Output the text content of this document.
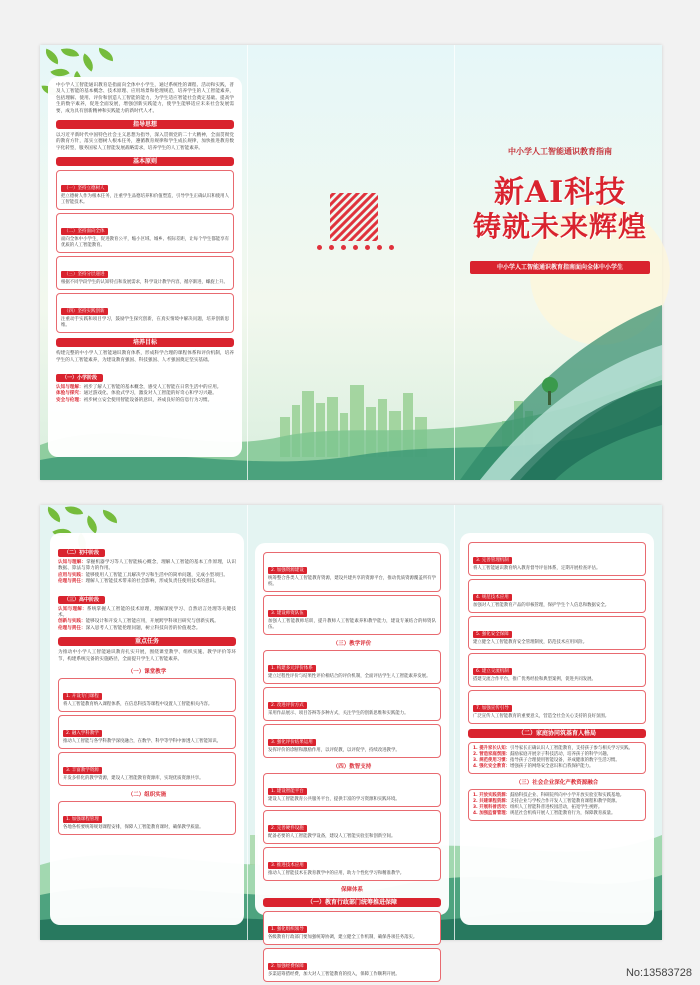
中小学人工智能通识教育是指面向全体中小学生，通过系统性的课程、活动和实践，普及人工智能的基本概念、技术原理、应用场景和伦理规范，培养学生的人工智能素养，包括理解、使用、评价和创造人工智能的能力，为学生适应智能社会奠定基础。提高学生的数字素养，促进全面发展，增强创新实践能力，使学生能够适应未来社会发展需要，成为具有创新精神和实践能力的新时代人才。

指导思想

以习近平新时代中国特色社会主义思想为指导，深入贯彻党的二十大精神，全面贯彻党的教育方针，落实立德树人根本任务，遵循教育规律和学生成长规律，加快推进教育数字化转型，服务国家人工智能发展战略需求，培养学生的人工智能素养。

基本原则
（一）坚持立德树人

把立德树人作为根本任务，注重学生品德培养和价值塑造，引导学生正确认识和使用人工智能技术。

（二）坚持面向全体

面向全体中小学生，促进教育公平，缩小区域、城乡、校际差距，让每个学生都能享有优质的人工智能教育。

（三）坚持分层递进

根据不同学段学生的认知特点和发展需求，科学设计教学内容，循序渐进，螺旋上升。

（四）坚持实践创新

注重动手实践和项目学习，鼓励学生探究创新，在真实情境中解决问题，培养创新思维。

培养目标

构建完整的中小学人工智能通识教育体系，形成科学合理的课程体系和评价机制，培养学生的人工智能素养，为建设教育强国、科技强国、人才强国奠定坚实基础。

（一）小学阶段

认知与理解：初步了解人工智能的基本概念，感受人工智能在日常生活中的应用。

体验与探究：通过游戏化、体验式学习，激发对人工智能的好奇心和学习兴趣。

安全与伦理：初步树立安全使用智能设备的意识，养成良好的信息行为习惯。

中小学人工智能通识教育指南
新AI科技
铸就未来辉煌
中小学人工智能通识教育指南面向全体中小学生
（二）初中阶段

认知与理解：掌握机器学习等人工智能核心概念，理解人工智能的基本工作原理，认识数据、算法与算力的作用。

应用与实践：能够使用人工智能工具解决学习和生活中的简单问题，完成小型项目。

伦理与责任：理解人工智能技术带来的社会影响，形成负责任使用技术的意识。

（三）高中阶段

认知与理解：系统掌握人工智能的技术原理，理解深度学习、自然语言处理等关键技术。

创新与实践：能够设计和开发人工智能应用，开展跨学科项目研究与创新实践。

伦理与责任：深入思考人工智能伦理问题，树立科技向善的价值观念。

重点任务

为推动中小学人工智能通识教育扎实开展，围绕课堂教学、组织实施、教学评价等环节，构建系统完备的实施路径，全面提升学生人工智能素养。

（一）课堂教学
1. 开设专门课程

将人工智能教育纳入课程体系，在信息科技等课程中设置人工智能相关内容。

2. 融入学科教学

推动人工智能与各学科教学深度融合，在数学、科学等学科中渗透人工智能知识。

3. 丰富教学资源

开发多样化的教学资源，建设人工智能教育资源库，实现优质资源共享。

（二）组织实施
1. 加强课程管理

各地各校要统筹规划课程安排，保障人工智能教育课时，确保教学质量。

2. 加强资源建设

统筹整合各类人工智能教育资源，建设共建共享的资源平台，推动优质资源覆盖所有学校。

3. 建设师资队伍

加强人工智能教师培训，提升教师人工智能素养和教学能力，建设专兼结合的师资队伍。

（三）教学评价
1. 构建多元评价体系

建立过程性评价与结果性评价相结合的评价机制，全面评估学生人工智能素养发展。

2. 改进评价方式

采用作品展示、项目答辩等多种方式，关注学生的创新思维和实践能力。

3. 强化评价结果运用

发挥评价的诊断和激励作用，以评促教，以评促学，持续改进教学。

（四）数智支持
1. 建设智能平台

建设人工智能教育公共服务平台，提供丰富的学习资源和实践环境。

2. 完善硬件设施

配备必要的人工智能教学设备，建设人工智能实验室和创新空间。

3. 推进技术应用

推动人工智能技术在教育教学中的应用，助力个性化学习和精准教学。

保障体系
（一）教育行政部门统筹推进保障
1. 强化组织领导

各级教育行政部门要加强统筹协调，建立健全工作机制，确保各项任务落实。

2. 加强经费保障

多渠道筹措经费，加大对人工智能教育的投入，保障工作顺利开展。

3. 完善管理机制

将人工智能通识教育纳入教育督导评估体系，定期开展检查评估。

4. 规范技术应用

加强对人工智能教育产品的审核管理，保护学生个人信息和数据安全。

5. 强化安全保障

建立健全人工智能教育安全管理制度，防范技术应用风险。

6. 建立交流机制

搭建交流合作平台，推广优秀经验和典型案例，促进共同发展。

7. 加强宣传引导

广泛宣传人工智能教育的重要意义，营造全社会关心支持的良好氛围。

（二）家庭协同筑基育人格局

1. 提升家长认知：引导家长正确认识人工智能教育，支持孩子参与相关学习实践。

2. 营造家庭氛围：鼓励家庭开展亲子科技活动，培养孩子的科学兴趣。

3. 规范使用习惯：指导孩子合理使用智能设备，养成健康的数字生活习惯。

4. 强化安全教育：增强孩子的网络安全意识和自我保护能力。

（三）社会企业深化产教资源融合

1. 开放实践资源：鼓励科技企业、科研院所向中小学开放实验室和实践基地。

2. 共建课程资源：支持企业与学校合作开发人工智能教育课程和教学资源。

3. 开展科普活动：组织人工智能科普进校园活动，拓宽学生视野。

4. 加强监督管理：规范社会机构开展人工智能教育行为，保障教育质量。

No:13583728
